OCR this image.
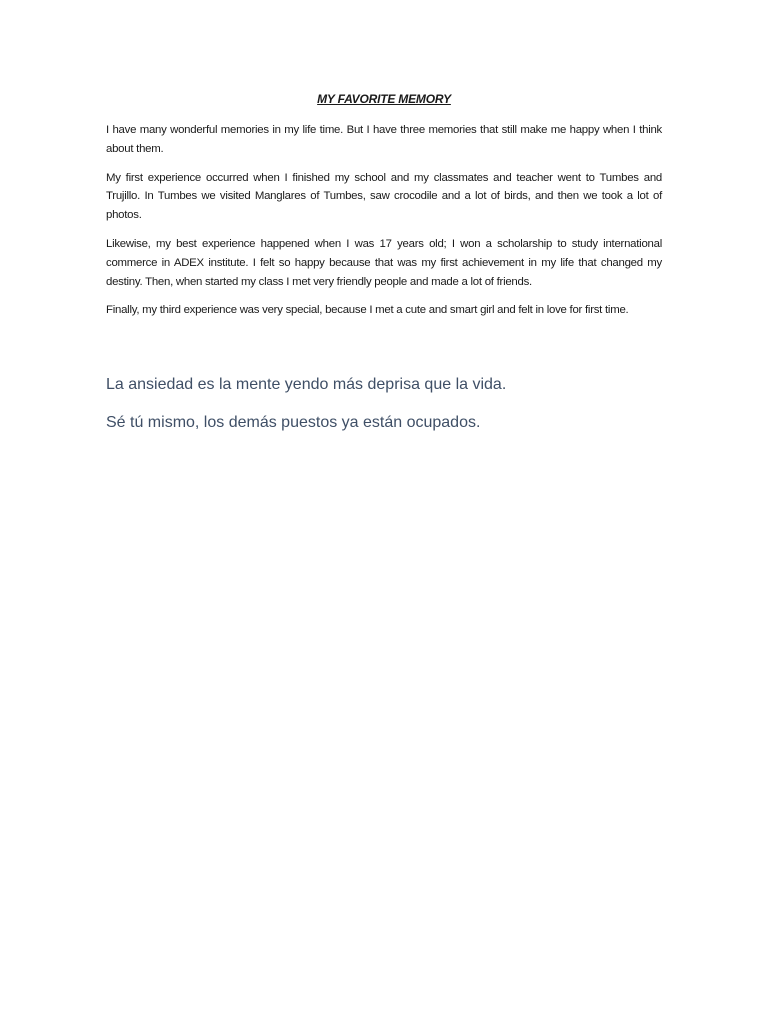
MY FAVORITE MEMORY

I have many wonderful memories in my life time. But I have three memories that still make me happy when I think about them.

My first experience occurred when I finished my school and my classmates and teacher went to Tumbes and Trujillo. In Tumbes we visited Manglares of Tumbes, saw crocodile and a lot of birds, and then we took a lot of photos.

Likewise, my best experience happened when I was 17 years old; I won a scholarship to study international commerce in ADEX institute. I felt so happy because that was my first achievement in my life that changed my destiny. Then, when started my class I met very friendly people and made a lot of friends.

Finally, my third experience was very special, because I met a cute and smart girl and felt in love for first time.

La ansiedad es la mente yendo más deprisa que la vida.

Sé tú mismo, los demás puestos ya están ocupados.
